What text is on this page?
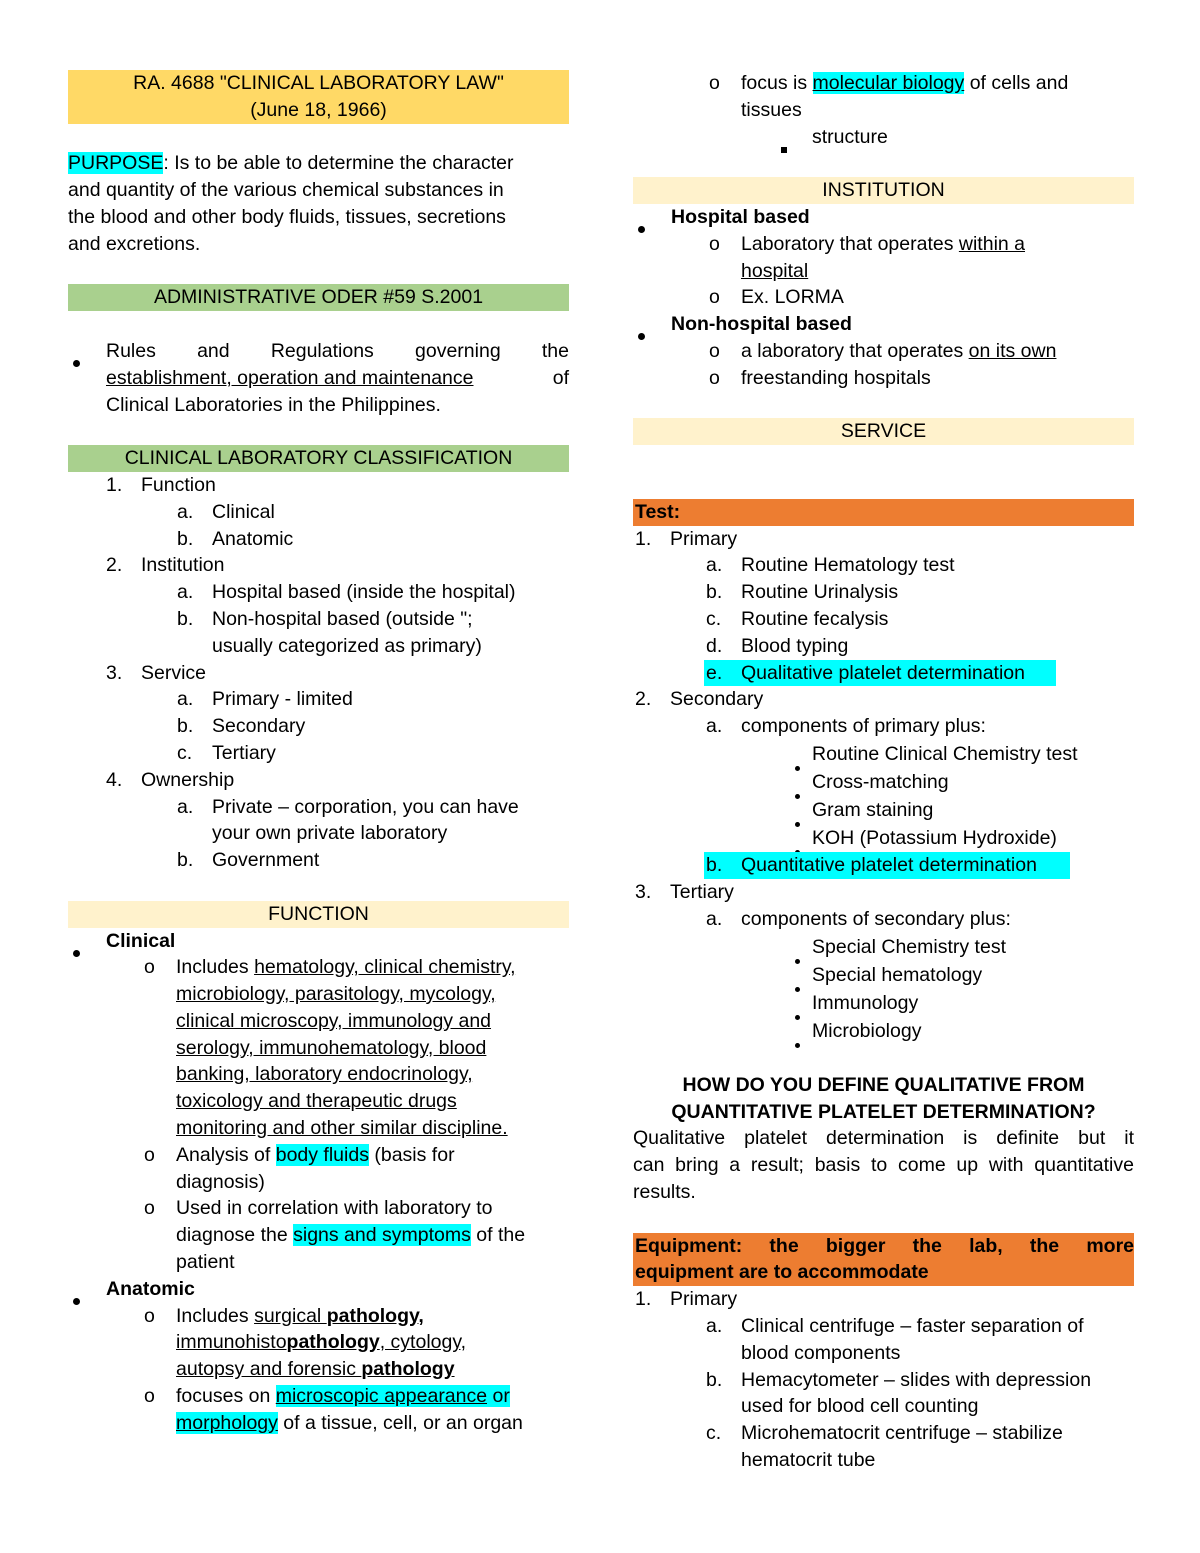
RA. 4688 "CLINICAL LABORATORY LAW"
(June 18, 1966)
PURPOSE: Is to be able to determine the character
and quantity of the various chemical substances in
the blood and other body fluids, tissues, secretions
and excretions.
ADMINISTRATIVE ODER #59 S.2001
Rules and Regulations governing the
establishment, operation and maintenance	of
Clinical Laboratories in the Philippines.
CLINICAL LABORATORY CLASSIFICATION
1. Function
a. Clinical
b. Anatomic
2. Institution
a. Hospital based (inside the hospital)
b. Non-hospital based (outside ";
usually categorized as primary)
3. Service
a. Primary - limited
b. Secondary
c. Tertiary
4. Ownership
a. Private – corporation, you can have
your own private laboratory
b. Government
FUNCTION
Clinical
o Includes hematology, clinical chemistry,
microbiology, parasitology, mycology,
clinical microscopy, immunology and
serology, immunohematology, blood
banking, laboratory endocrinology,
toxicology and therapeutic drugs
monitoring and other similar discipline.
o Analysis of body fluids (basis for
diagnosis)
o Used in correlation with laboratory to
diagnose the signs and symptoms of the
patient
Anatomic
o Includes surgical pathology,
immunohistopathology, cytology,
autopsy and forensic pathology
o focuses on microscopic appearance or
morphology of a tissue, cell, or an organ
o focus is molecular biology of cells and
tissues
structure
INSTITUTION
Hospital based
o Laboratory that operates within a
hospital
o Ex. LORMA
Non-hospital based
o a laboratory that operates on its own
o freestanding hospitals
SERVICE
Test:
1. Primary
a. Routine Hematology test
b. Routine Urinalysis
c. Routine fecalysis
d. Blood typing
e. Qualitative platelet determination
2. Secondary
a. components of primary plus:
Routine Clinical Chemistry test
Cross-matching
Gram staining
KOH (Potassium Hydroxide)
b. Quantitative platelet determination
3. Tertiary
a. components of secondary plus:
Special Chemistry test
Special hematology
Immunology
Microbiology
HOW DO YOU DEFINE QUALITATIVE FROM
QUANTITATIVE PLATELET DETERMINATION?
Qualitative platelet determination is definite but it
can bring a result; basis to come up with quantitative
results.
Equipment: the bigger the lab, the more
equipment are to accommodate
1. Primary
a. Clinical centrifuge – faster separation of
blood components
b. Hemacytometer – slides with depression
used for blood cell counting
c. Microhematocrit centrifuge – stabilize
hematocrit tube
